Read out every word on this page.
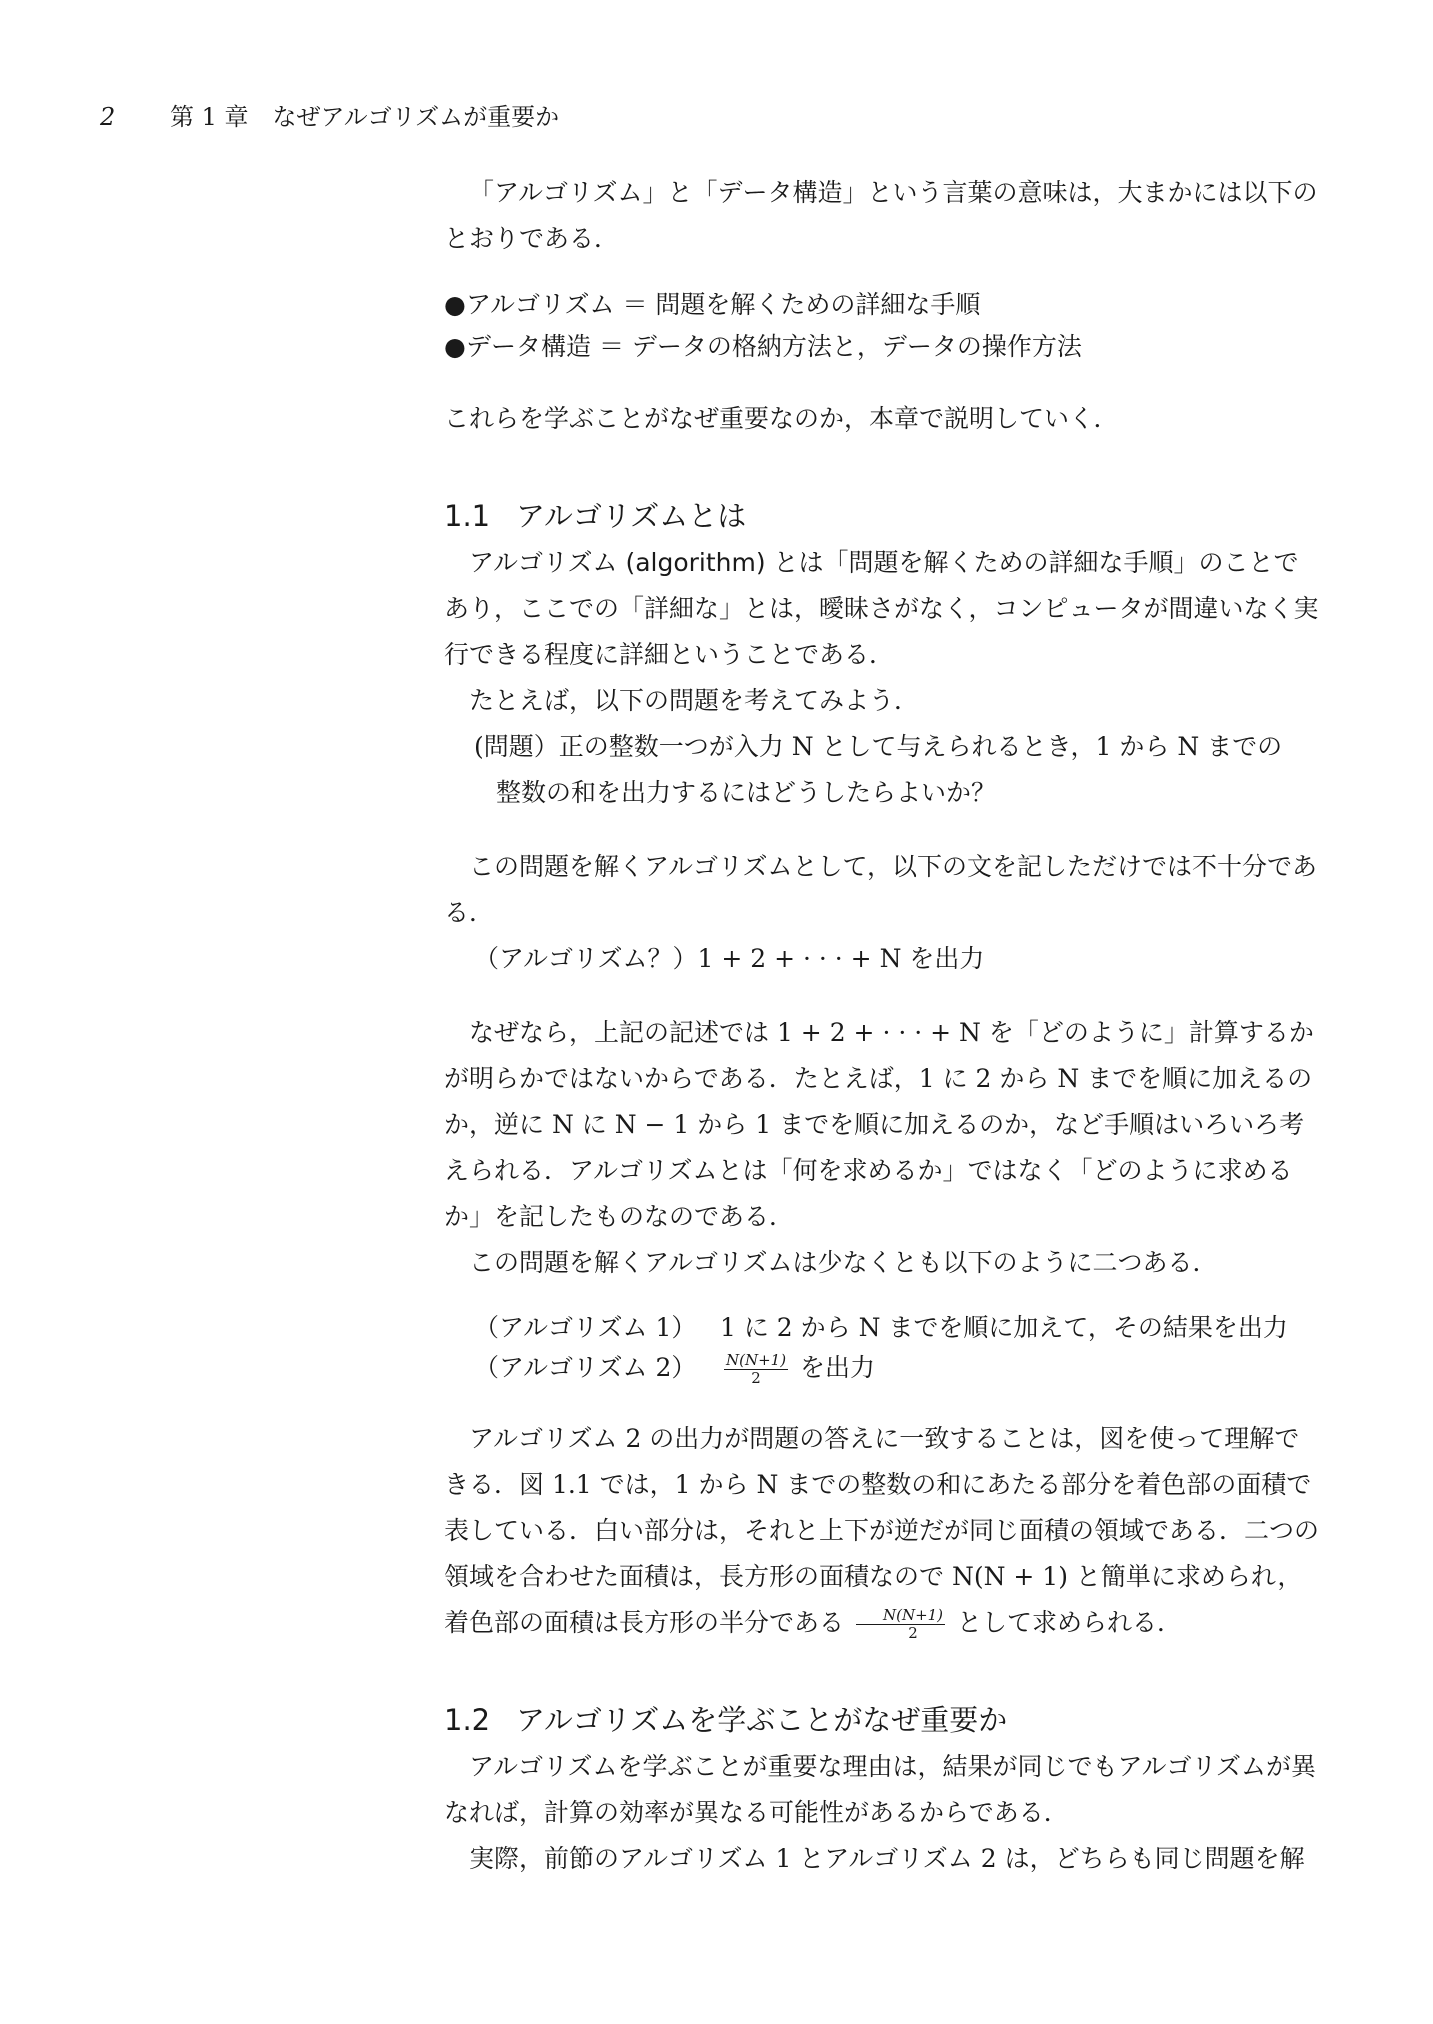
2 第 1 章　なぜアルゴリズムが重要か

「アルゴリズム」と「データ構造」という言葉の意味は，大まかには以下のとおりである．

●アルゴリズム ＝ 問題を解くための詳細な手順
●データ構造 ＝ データの格納方法と，データの操作方法

これらを学ぶことがなぜ重要なのか，本章で説明していく．

1.1 アルゴリズムとは

アルゴリズム (algorithm) とは「問題を解くための詳細な手順」のことであり，ここでの「詳細な」とは，曖昧さがなく，コンピュータが間違いなく実行できる程度に詳細ということである．

たとえば，以下の問題を考えてみよう．

(問題）正の整数一つが入力 N として与えられるとき，1 から N までの
整数の和を出力するにはどうしたらよいか？

この問題を解くアルゴリズムとして，以下の文を記しただけでは不十分である．

（アルゴリズム？）1 + 2 + · · · + N を出力

なぜなら，上記の記述では 1 + 2 + · · · + N を「どのように」計算するかが明らかではないからである．たとえば，1 に 2 から N までを順に加えるのか，逆に N に N − 1 から 1 までを順に加えるのか，など手順はいろいろ考えられる．アルゴリズムとは「何を求めるか」ではなく「どのように求めるか」を記したものなのである．

この問題を解くアルゴリズムは少なくとも以下のように二つある．

（アルゴリズム 1） 1 に 2 から N までを順に加えて，その結果を出力
（アルゴリズム 2）	$\frac{N(N+1)}{2}$ を出力

アルゴリズム 2 の出力が問題の答えに一致することは，図を使って理解できる．図 1.1 では，1 から N までの整数の和にあたる部分を着色部の面積で表している．白い部分は，それと上下が逆だが同じ面積の領域である．二つの領域を合わせた面積は，長方形の面積なので N(N + 1) と簡単に求められ，着色部の面積は長方形の半分である $\frac{N(N+1)}{2}$ として求められる．

1.2 アルゴリズムを学ぶことがなぜ重要か

アルゴリズムを学ぶことが重要な理由は，結果が同じでもアルゴリズムが異なれば，計算の効率が異なる可能性があるからである．

実際，前節のアルゴリズム 1 とアルゴリズム 2 は，どちらも同じ問題を解
